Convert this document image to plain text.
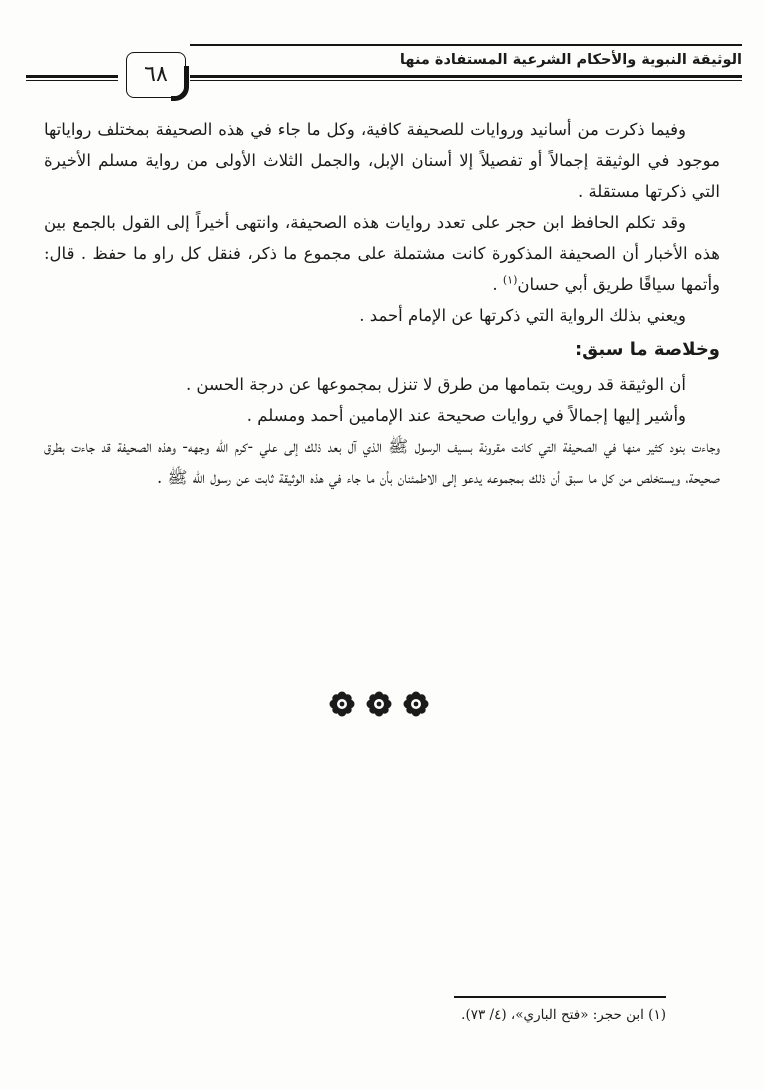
الوثيقة النبوية والأحكام الشرعية المستفادة منها
٦٨

وفيما ذكرت من أسانيد وروايات للصحيفة كافية، وكل ما جاء في هذه الصحيفة بمختلف رواياتها موجود في الوثيقة إجمالاً أو تفصيلاً إلا أسنان الإبل، والجمل الثلاث الأولى من رواية مسلم الأخيرة التي ذكرتها مستقلة .

وقد تكلم الحافظ ابن حجر على تعدد روايات هذه الصحيفة، وانتهى أخيراً إلى القول بالجمع بين هذه الأخبار أن الصحيفة المذكورة كانت مشتملة على مجموع ما ذكر، فنقل كل راو ما حفظ . قال: وأتمها سياقًا طريق أبي حسان$^{(١)}$ .

ويعني بذلك الرواية التي ذكرتها عن الإمام أحمد .

وخلاصة ما سبق:

أن الوثيقة قد رويت بتمامها من طرق لا تنزل بمجموعها عن درجة الحسن .

وأشير إليها إجمالاً في روايات صحيحة عند الإمامين أحمد ومسلم .

وجاءت بنود كثير منها في الصحيفة التي كانت مقرونة بسيف الرسول ﷺ الذي آل بعد ذلك إلى علي -كرم الله وجهه- وهذه الصحيفة قد جاءت بطرق صحيحة، ويستخلص من كل ما سبق أن ذلك بمجموعه يدعو إلى الاطمئنان بأن ما جاء في هذه الوثيقة ثابت عن رسول الله ﷺ .

(١) ابن حجر: «فتح الباري»، (٤/ ٧٣).
